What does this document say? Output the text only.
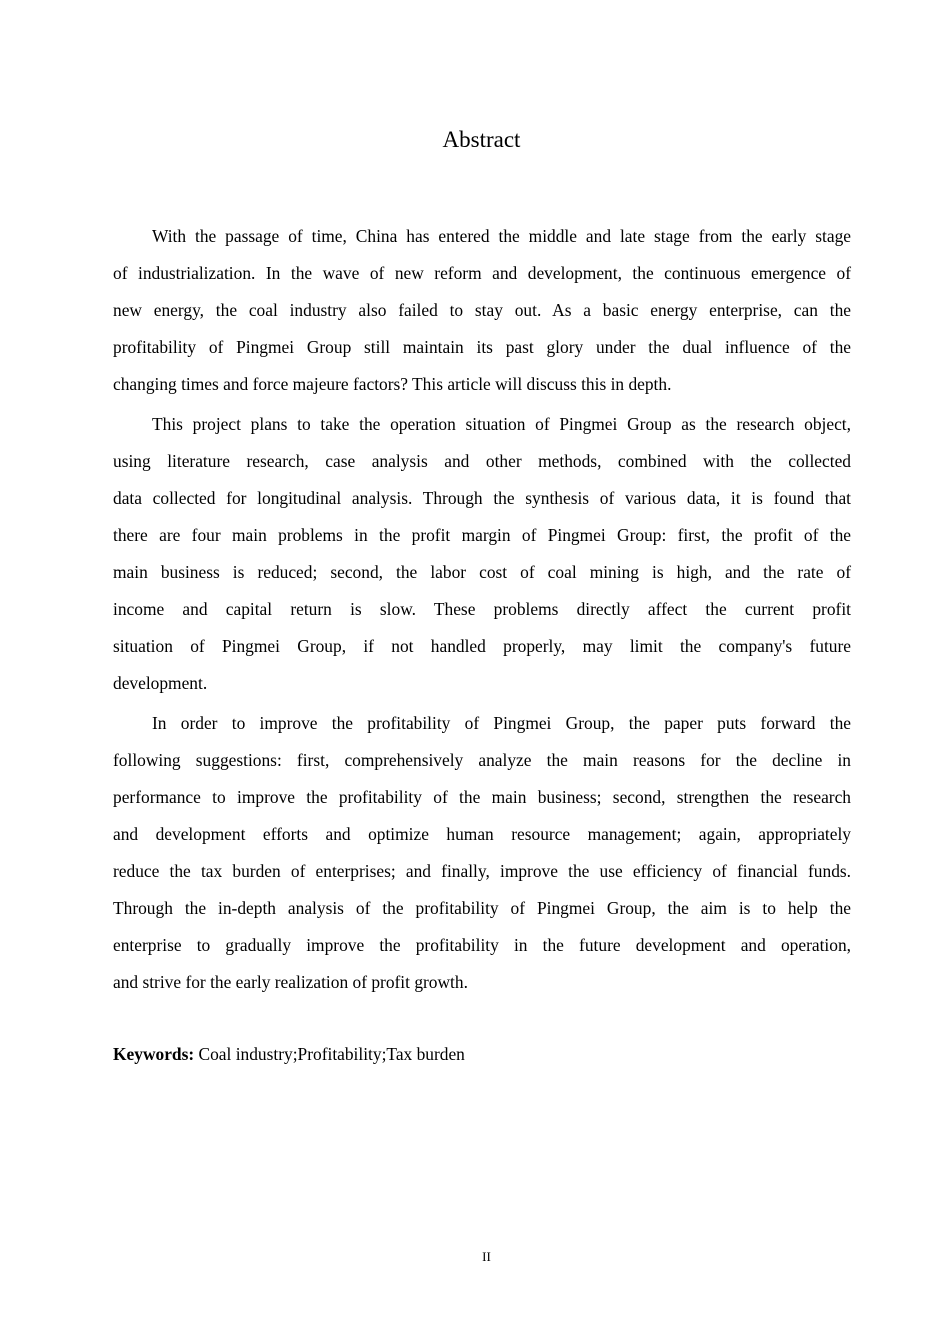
Abstract
With the passage of time, China has entered the middle and late stage from the early stage
of industrialization. In the wave of new reform and development, the continuous emergence of
new energy, the coal industry also failed to stay out. As a basic energy enterprise, can the
profitability of Pingmei Group still maintain its past glory under the dual influence of the
changing times and force majeure factors? This article will discuss this in depth.
This project plans to take the operation situation of Pingmei Group as the research object,
using literature research, case analysis and other methods, combined with the collected
data collected for longitudinal analysis. Through the synthesis of various data, it is found that
there are four main problems in the profit margin of Pingmei Group: first, the profit of the
main business is reduced; second, the labor cost of coal mining is high, and the rate of
income and capital return is slow. These problems directly affect the current profit
situation of Pingmei Group, if not handled properly, may limit the company's future
development.
In order to improve the profitability of Pingmei Group, the paper puts forward the
following suggestions: first, comprehensively analyze the main reasons for the decline in
performance to improve the profitability of the main business; second, strengthen the research
and development efforts and optimize human resource management; again, appropriately
reduce the tax burden of enterprises; and finally, improve the use efficiency of financial funds.
Through the in-depth analysis of the profitability of Pingmei Group, the aim is to help the
enterprise to gradually improve the profitability in the future development and operation,
and strive for the early realization of profit growth.
Keywords: Coal industry;Profitability;Tax burden
II
